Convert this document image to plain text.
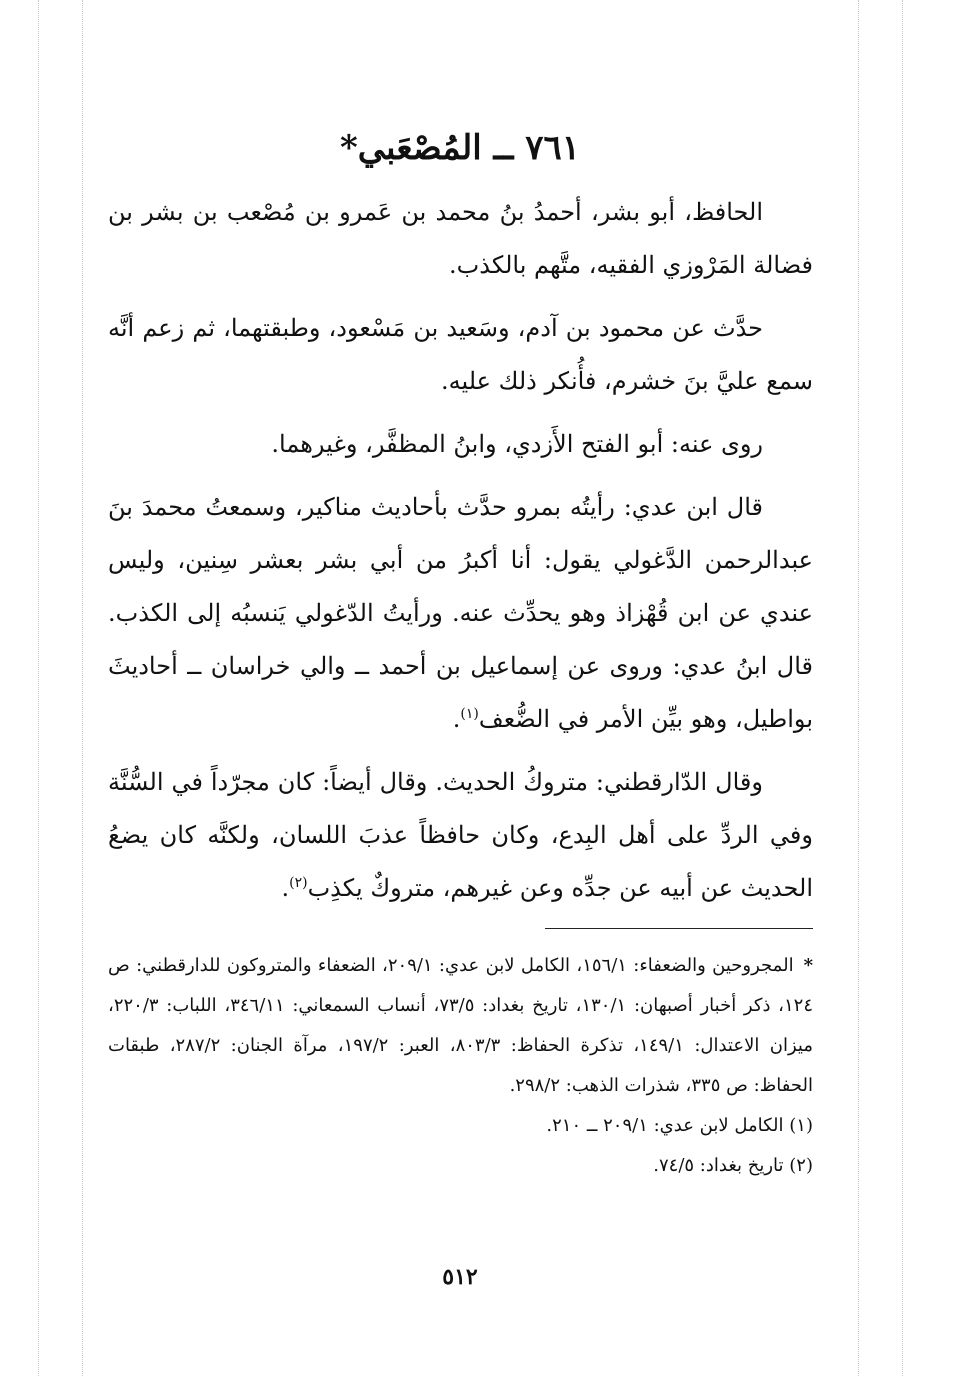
٧٦١ ــ المُصْعَبي*

الحافظ، أبو بشر، أحمدُ بنُ محمد بن عَمرو بن مُصْعب بن بشر بن فضالة المَرْوزي الفقيه، متَّهم بالكذب.

حدَّث عن محمود بن آدم، وسَعيد بن مَسْعود، وطبقتهما، ثم زعم أنَّه سمع عليَّ بنَ خشرم، فأُنكر ذلك عليه.

روى عنه: أبو الفتح الأَزدي، وابنُ المظفَّر، وغيرهما.

قال ابن عدي: رأيتُه بمرو حدَّث بأحاديث مناكير، وسمعتُ محمدَ بنَ عبدالرحمن الدَّغولي يقول: أنا أكبرُ من أبي بشر بعشر سِنين، وليس عندي عن ابن قُهْزاذ وهو يحدِّث عنه. ورأيتُ الدّغولي يَنسبُه إلى الكذب. قال ابنُ عدي: وروى عن إسماعيل بن أحمد ــ والي خراسان ــ أحاديثَ بواطيل، وهو بيِّن الأمر في الضُّعف$^{(١)}$.

وقال الدّارقطني: متروكُ الحديث. وقال أيضاً: كان مجرّداً في السُّنَّة وفي الردِّ على أهل البِدع، وكان حافظاً عذبَ اللسان، ولكنَّه كان يضعُ الحديث عن أبيه عن جدِّه وعن غيرهم، متروكٌ يكذِب$^{(٢)}$.

*المجروحين والضعفاء: ١٥٦/١، الكامل لابن عدي: ٢٠٩/١، الضعفاء والمتروكون للدارقطني: ص ١٢٤، ذكر أخبار أصبهان: ١٣٠/١، تاريخ بغداد: ٧٣/٥، أنساب السمعاني: ٣٤٦/١١، اللباب: ٢٢٠/٣، ميزان الاعتدال: ١٤٩/١، تذكرة الحفاظ: ٨٠٣/٣، العبر: ١٩٧/٢، مرآة الجنان: ٢٨٧/٢، طبقات الحفاظ: ص ٣٣٥، شذرات الذهب: ٢٩٨/٢.

(١) الكامل لابن عدي: ٢٠٩/١ ــ ٢١٠.

(٢) تاريخ بغداد: ٧٤/٥.

٥١٢
